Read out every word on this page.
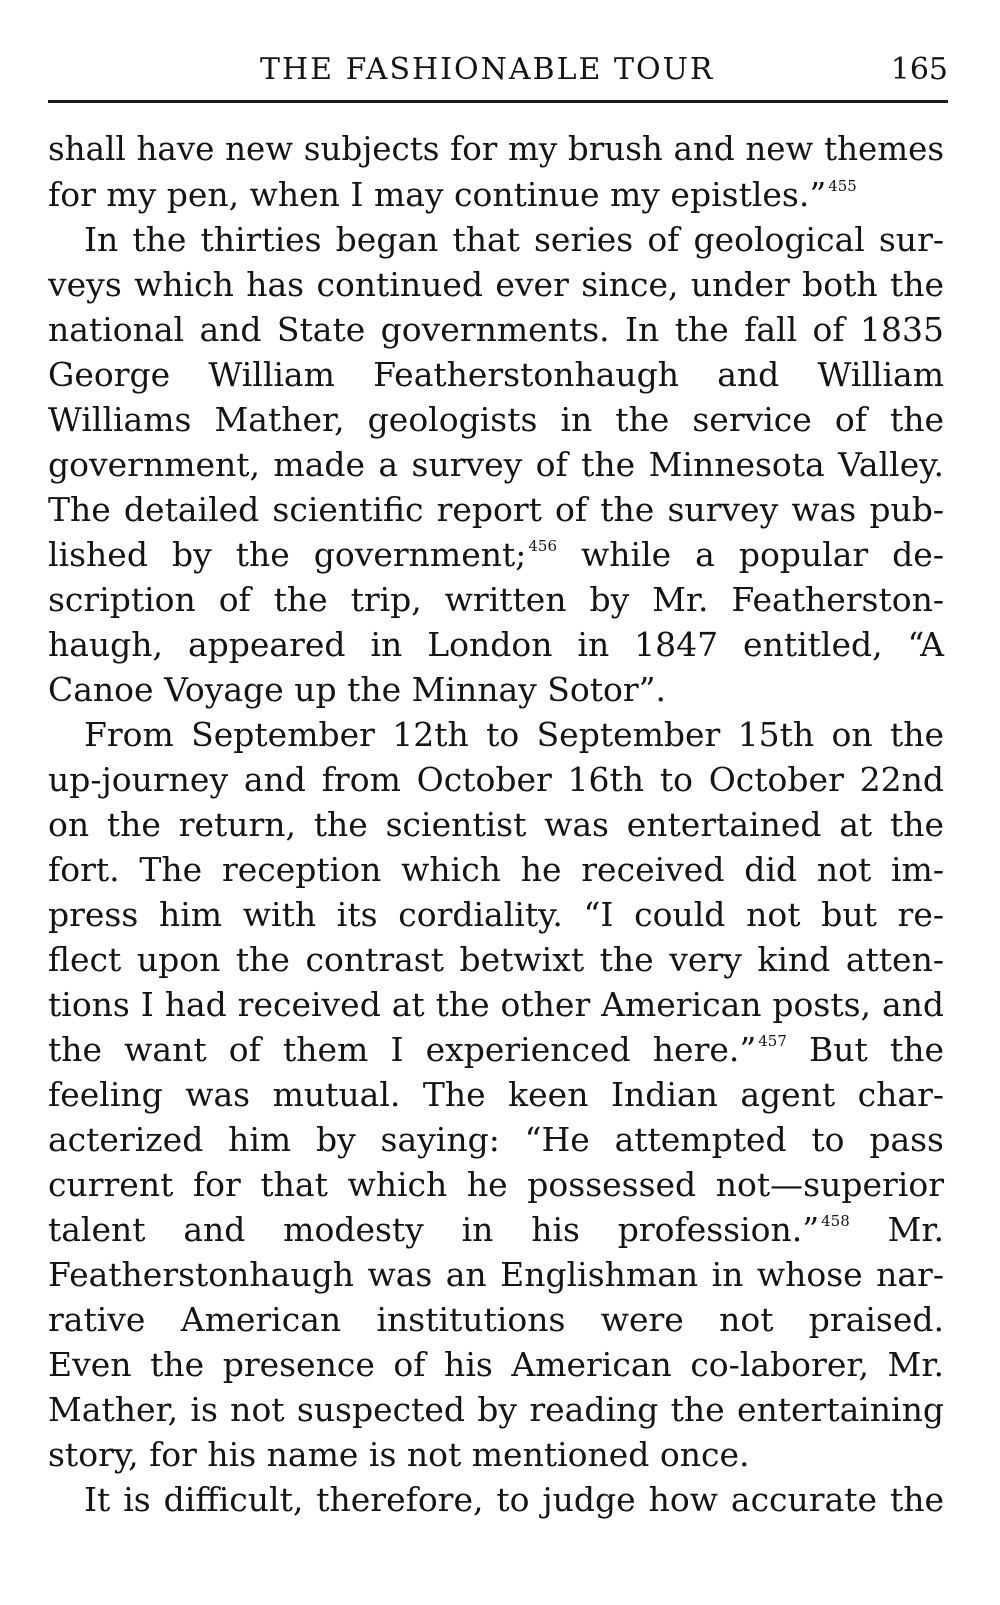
THE FASHIONABLE TOUR	165
shall have new subjects for my brush and new themes
for my pen, when I may continue my epistles.” $^{455}$
In the thirties began that series of geological sur-
veys which has continued ever since, under both the
national and State governments. In the fall of 1835
George William Featherstonhaugh and William
Williams Mather, geologists in the service of the
government, made a survey of the Minnesota Valley.
The detailed scientific report of the survey was pub-
lished by the government; $^{456}$ while a popular de-
scription of the trip, written by Mr. Featherston-
haugh, appeared in London in 1847 entitled, “A
Canoe Voyage up the Minnay Sotor”.
From September 12th to September 15th on the
up-journey and from October 16th to October 22nd
on the return, the scientist was entertained at the
fort. The reception which he received did not im-
press him with its cordiality. “I could not but re-
flect upon the contrast betwixt the very kind atten-
tions I had received at the other American posts, and
the want of them I experienced here.” $^{457}$ But the
feeling was mutual. The keen Indian agent char-
acterized him by saying: “He attempted to pass
current for that which he possessed not—superior
talent and modesty in his profession.” $^{458}$ Mr.
Featherstonhaugh was an Englishman in whose nar-
rative American institutions were not praised.
Even the presence of his American co-laborer, Mr.
Mather, is not suspected by reading the entertaining
story, for his name is not mentioned once.
It is difficult, therefore, to judge how accurate the
